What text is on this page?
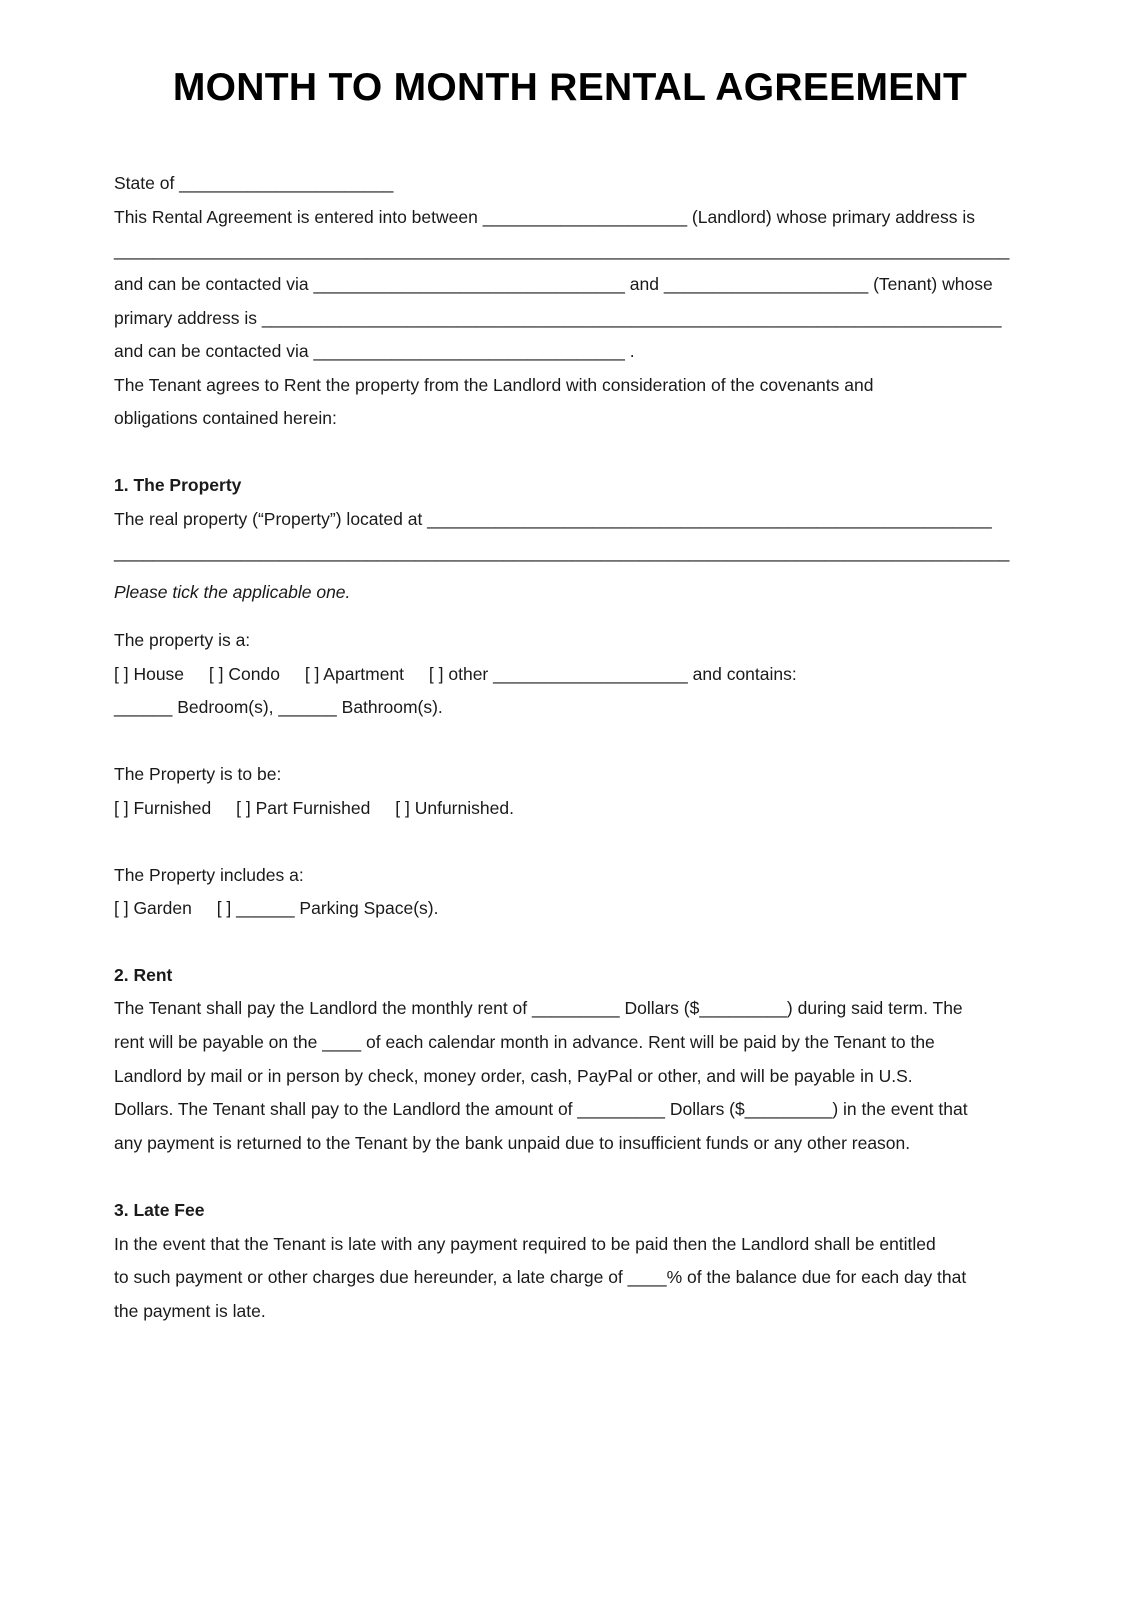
MONTH TO MONTH RENTAL AGREEMENT
State of ______________________
This Rental Agreement is entered into between _____________________ (Landlord) whose primary address is
____________________________________________________________________________________________
and can be contacted via ________________________________ and _____________________ (Tenant) whose
primary address is ____________________________________________________________________________
and can be contacted via ________________________________ .
The Tenant agrees to Rent the property from the Landlord with consideration of the covenants and
obligations contained herein:
1. The Property
The real property (“Property”) located at __________________________________________________________
____________________________________________________________________________________________
Please tick the applicable one.
The property is a:
[ ] House [ ] Condo [ ] Apartment [ ] other ____________________ and contains:
______ Bedroom(s), ______ Bathroom(s).
The Property is to be:
[ ] Furnished [ ] Part Furnished [ ] Unfurnished.
The Property includes a:
[ ] Garden [ ] ______ Parking Space(s).
2. Rent
The Tenant shall pay the Landlord the monthly rent of _________ Dollars ($_________) during said term. The
rent will be payable on the ____ of each calendar month in advance. Rent will be paid by the Tenant to the
Landlord by mail or in person by check, money order, cash, PayPal or other, and will be payable in U.S.
Dollars. The Tenant shall pay to the Landlord the amount of _________ Dollars ($_________) in the event that
any payment is returned to the Tenant by the bank unpaid due to insufficient funds or any other reason.
3. Late Fee
In the event that the Tenant is late with any payment required to be paid then the Landlord shall be entitled
to such payment or other charges due hereunder, a late charge of ____% of the balance due for each day that
the payment is late.
